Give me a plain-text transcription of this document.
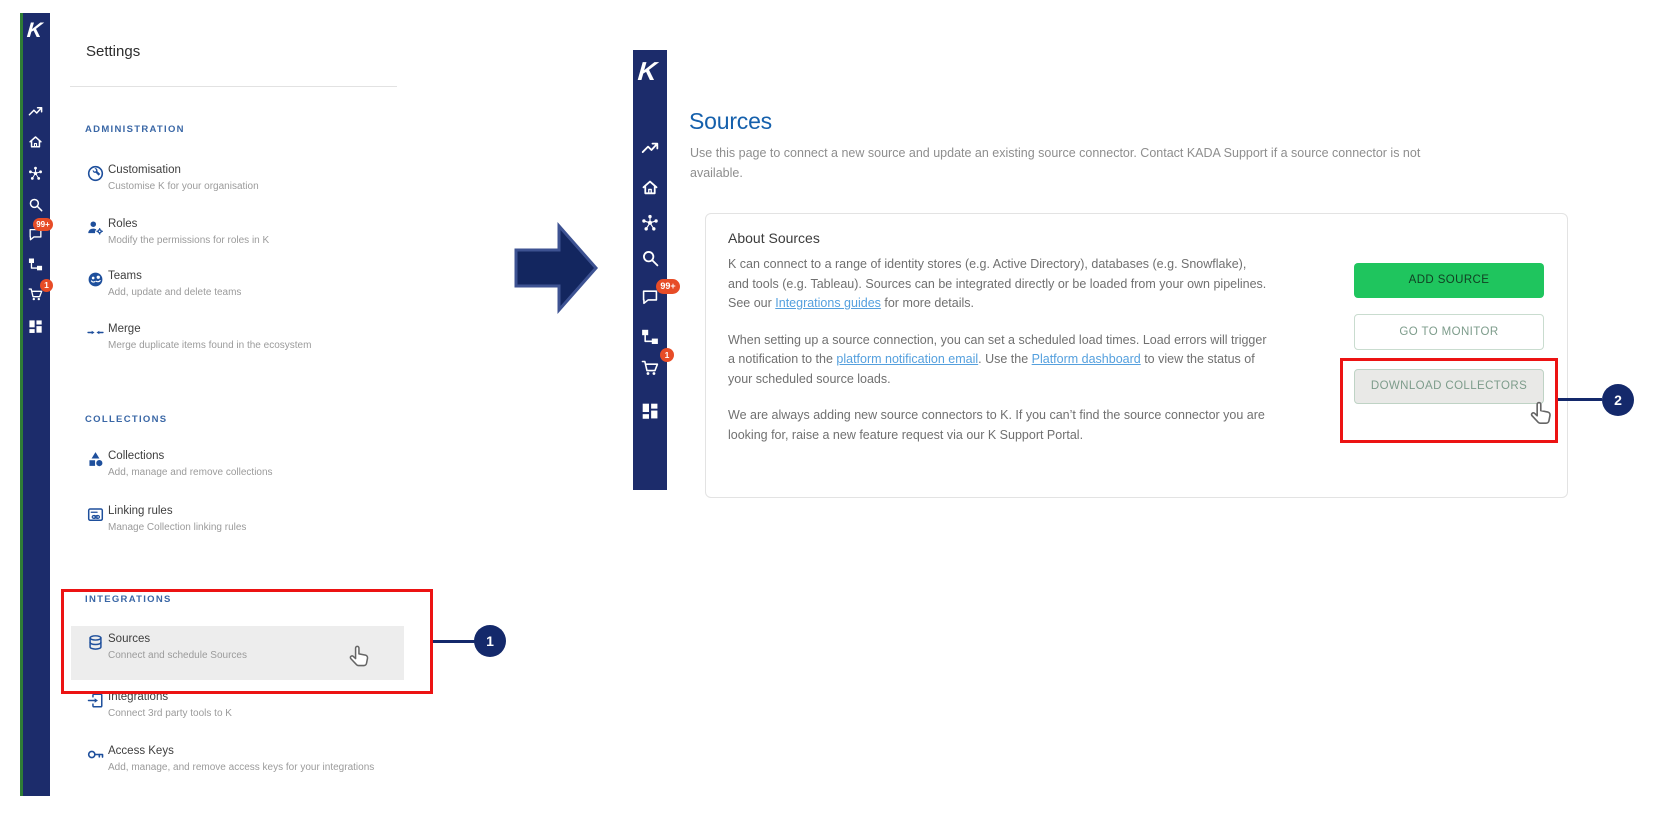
K
99+
1
Settings
ADMINISTRATION
COLLECTIONS
INTEGRATIONS
Customisation
Customise K for your organisation
Roles
Modify the permissions for roles in K
Teams
Add, update and delete teams
Merge
Merge duplicate items found in the ecosystem
Collections
Add, manage and remove collections
Linking rules
Manage Collection linking rules
Sources
Connect and schedule Sources
Integrations
Connect 3rd party tools to K
Access Keys
Add, manage, and remove access keys for your integrations
1
K
99+
1
Sources
Use this page to connect a new source and update an existing source connector. Contact KADA Support if a source connector is not
available.
About Sources

K can connect to a range of identity stores (e.g. Active Directory), databases (e.g. Snowflake), and tools (e.g. Tableau). Sources can be integrated directly or be loaded from your own pipelines. See our Integrations guides for more details.

When setting up a source connection, you can set a scheduled load times. Load errors will trigger a notification to the platform notification email. Use the Platform dashboard to view the status of your scheduled source loads.

We are always adding new source connectors to K. If you can’t find the source connector you are looking for, raise a new feature request via our K Support Portal.

ADD SOURCE
GO TO MONITOR
DOWNLOAD COLLECTORS
2
